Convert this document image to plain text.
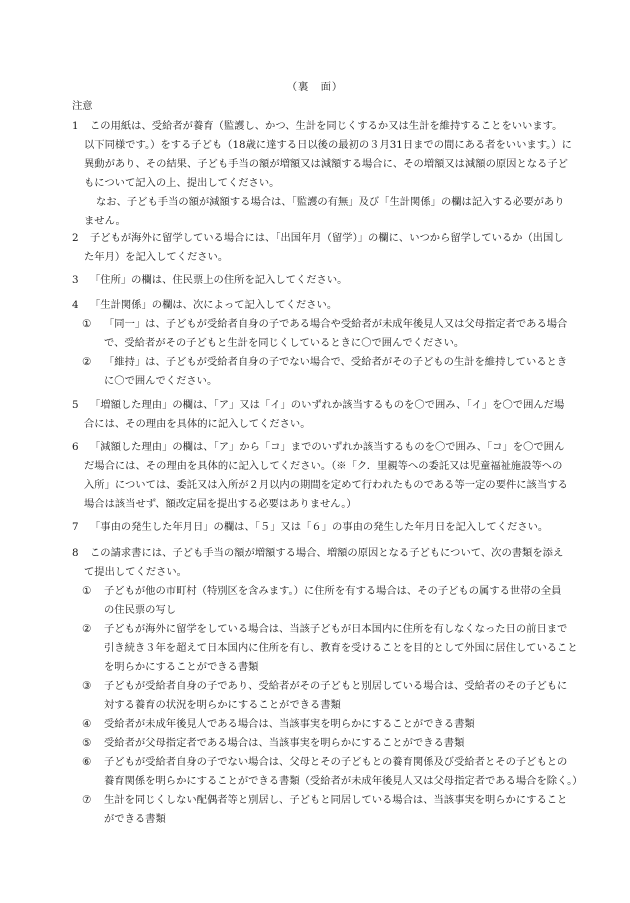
（裏　面）
注意
1 この用紙は、受給者が養育（監護し、かつ、生計を同じくするか又は生計を維持することをいいます。
以下同様です。）をする子ども（18歳に達する日以後の最初の３月31日までの間にある者をいいます。）に
異動があり、その結果、子ども手当の額が増額又は減額する場合に、その増額又は減額の原因となる子ど
もについて記入の上、提出してください。
なお、子ども手当の額が減額する場合は、「監護の有無」及び「生計関係」の欄は記入する必要があり
ません。
2 子どもが海外に留学している場合には、「出国年月（留学）」の欄に、いつから留学しているか（出国し
た年月）を記入してください。
3 「住所」の欄は、住民票上の住所を記入してください。
4 「生計関係」の欄は、次によって記入してください。
① 「同一」は、子どもが受給者自身の子である場合や受給者が未成年後見人又は父母指定者である場合
で、受給者がその子どもと生計を同じくしているときに〇で囲んでください。
② 「維持」は、子どもが受給者自身の子でない場合で、受給者がその子どもの生計を維持しているとき
に〇で囲んでください。
5 「増額した理由」の欄は、「ア」又は「イ」のいずれか該当するものを〇で囲み、「イ」を〇で囲んだ場
合には、その理由を具体的に記入してください。
6 「減額した理由」の欄は、「ア」から「コ」までのいずれか該当するものを〇で囲み、「コ」を〇で囲ん
だ場合には、その理由を具体的に記入してください。（※「ク．里親等への委託又は児童福祉施設等への
入所」については、委託又は入所が２月以内の期間を定めて行われたものである等一定の要件に該当する
場合は該当せず、額改定届を提出する必要はありません。）
7 「事由の発生した年月日」の欄は、「５」又は「６」の事由の発生した年月日を記入してください。
8 この請求書には、子ども手当の額が増額する場合、増額の原因となる子どもについて、次の書類を添え
て提出してください。
① 子どもが他の市町村（特別区を含みます。）に住所を有する場合は、その子どもの属する世帯の全員
の住民票の写し
② 子どもが海外に留学をしている場合は、当該子どもが日本国内に住所を有しなくなった日の前日まで
引き続き３年を超えて日本国内に住所を有し、教育を受けることを目的として外国に居住していること
を明らかにすることができる書類
③ 子どもが受給者自身の子であり、受給者がその子どもと別居している場合は、受給者のその子どもに
対する養育の状況を明らかにすることができる書類
④ 受給者が未成年後見人である場合は、当該事実を明らかにすることができる書類
⑤ 受給者が父母指定者である場合は、当該事実を明らかにすることができる書類
⑥ 子どもが受給者自身の子でない場合は、父母とその子どもとの養育関係及び受給者とその子どもとの
養育関係を明らかにすることができる書類（受給者が未成年後見人又は父母指定者である場合を除く。）
⑦ 生計を同じくしない配偶者等と別居し、子どもと同居している場合は、当該事実を明らかにすること
ができる書類
